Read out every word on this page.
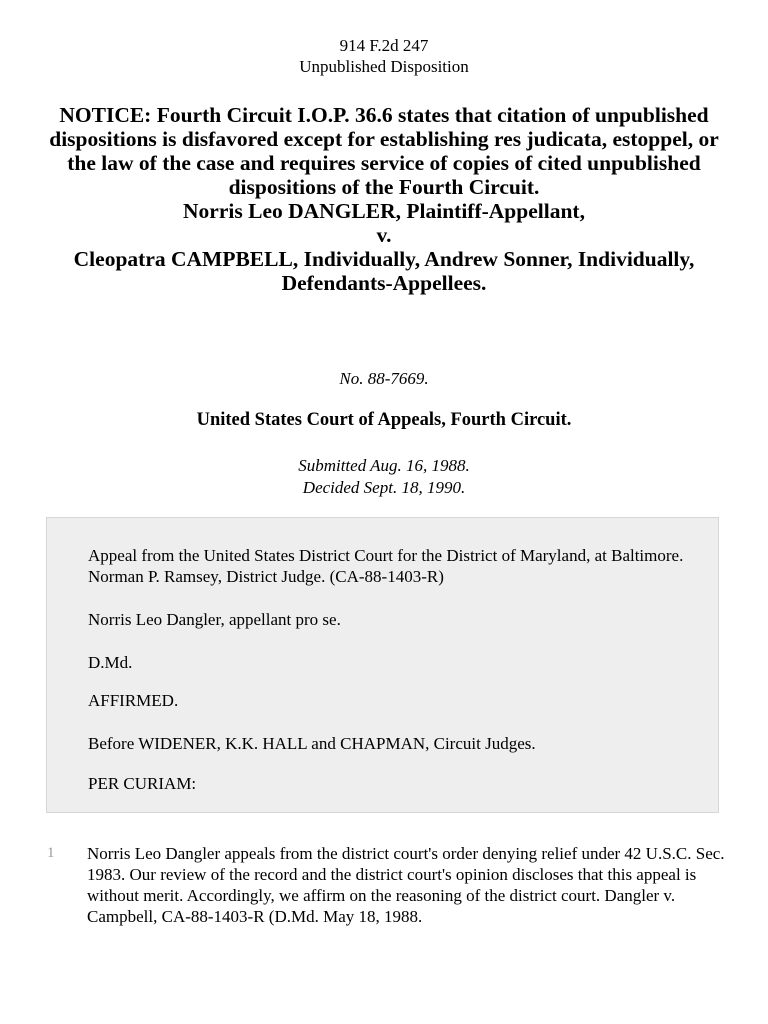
914 F.2d 247
Unpublished Disposition
NOTICE: Fourth Circuit I.O.P. 36.6 states that citation of unpublished dispositions is disfavored except for establishing res judicata, estoppel, or the law of the case and requires service of copies of cited unpublished dispositions of the Fourth Circuit.
Norris Leo DANGLER, Plaintiff-Appellant,
v.
Cleopatra CAMPBELL, Individually, Andrew Sonner, Individually, Defendants-Appellees.
No. 88-7669.
United States Court of Appeals, Fourth Circuit.
Submitted Aug. 16, 1988.
Decided Sept. 18, 1990.

Appeal from the United States District Court for the District of Maryland, at Baltimore. Norman P. Ramsey, District Judge. (CA-88-1403-R)

Norris Leo Dangler, appellant pro se.

D.Md.

AFFIRMED.

Before WIDENER, K.K. HALL and CHAPMAN, Circuit Judges.

PER CURIAM:

1 Norris Leo Dangler appeals from the district court's order denying relief under 42 U.S.C. Sec. 1983. Our review of the record and the district court's opinion discloses that this appeal is without merit. Accordingly, we affirm on the reasoning of the district court. Dangler v. Campbell, CA-88-1403-R (D.Md. May 18, 1988.
